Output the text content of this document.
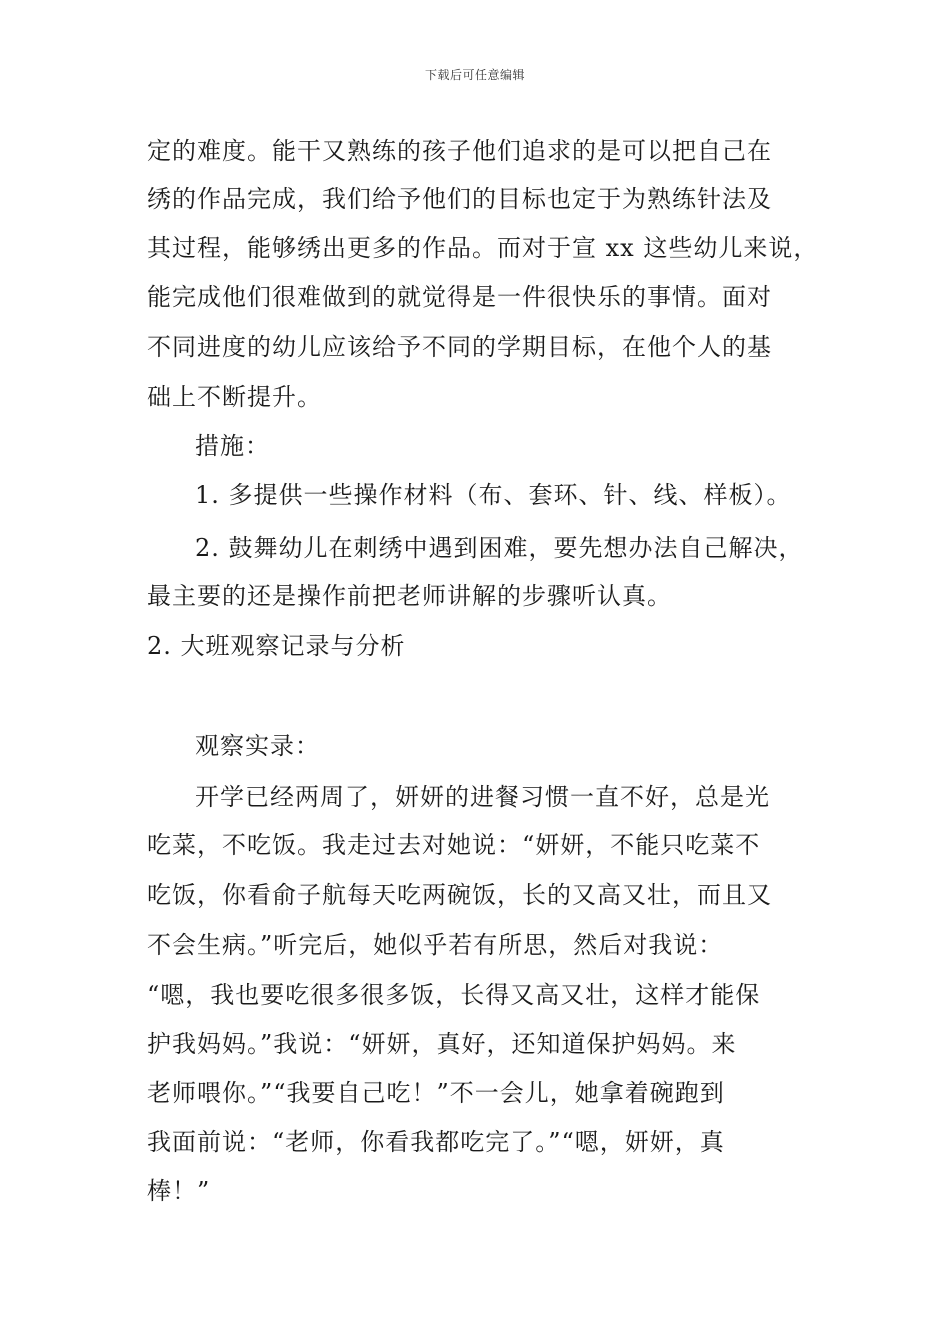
下载后可任意编辑
定的难度。能干又熟练的孩子他们追求的是可以把自己在
绣的作品完成，我们给予他们的目标也定于为熟练针法及
其过程，能够绣出更多的作品。而对于宣 xx 这些幼儿来说，
能完成他们很难做到的就觉得是一件很快乐的事情。面对
不同进度的幼儿应该给予不同的学期目标，在他个人的基
础上不断提升。
措施：
1. 多提供一些操作材料（布、套环、针、线、样板）。
2. 鼓舞幼儿在刺绣中遇到困难，要先想办法自己解决，
最主要的还是操作前把老师讲解的步骤听认真。
2. 大班观察记录与分析
观察实录：
开学已经两周了，妍妍的进餐习惯一直不好，总是光
吃菜，不吃饭。我走过去对她说：“妍妍，不能只吃菜不
吃饭，你看俞子航每天吃两碗饭，长的又高又壮，而且又
不会生病。”听完后，她似乎若有所思，然后对我说：
“嗯，我也要吃很多很多饭，长得又高又壮，这样才能保
护我妈妈。”我说：“妍妍，真好，还知道保护妈妈。来
老师喂你。”“我要自己吃！”不一会儿，她拿着碗跑到
我面前说：“老师，你看我都吃完了。”“嗯，妍妍，真
棒！”
